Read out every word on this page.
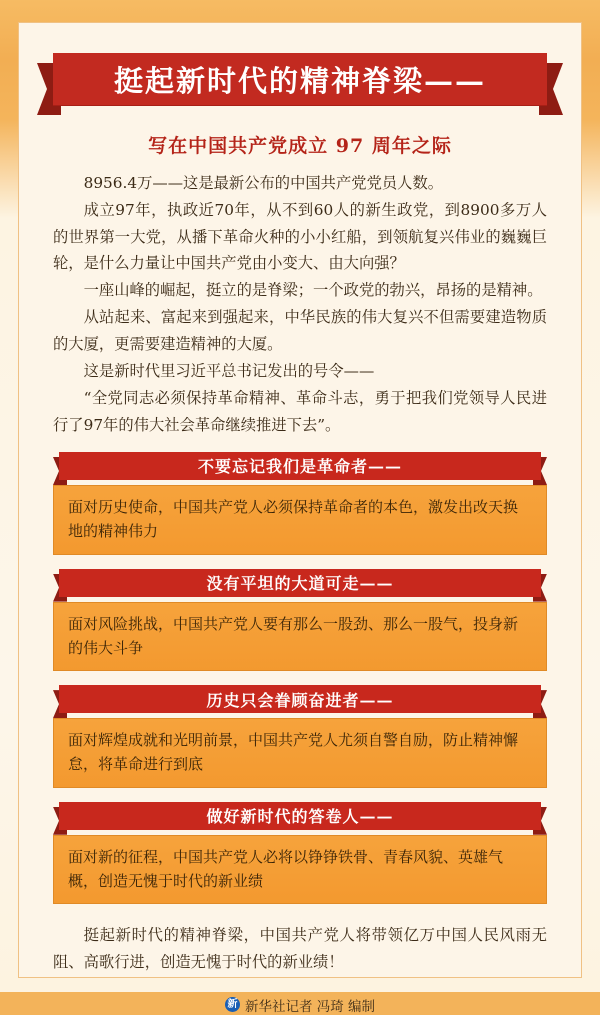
挺起新时代的精神脊梁——
写在中国共产党成立 97 周年之际

8956.4万——这是最新公布的中国共产党党员人数。

成立97年，执政近70年，从不到60人的新生政党，到8900多万人的世界第一大党，从播下革命火种的小小红船，到领航复兴伟业的巍巍巨轮，是什么力量让中国共产党由小变大、由大向强？

一座山峰的崛起，挺立的是脊梁；一个政党的勃兴，昂扬的是精神。

从站起来、富起来到强起来，中华民族的伟大复兴不但需要建造物质的大厦，更需要建造精神的大厦。

这是新时代里习近平总书记发出的号令——

“全党同志必须保持革命精神、革命斗志，勇于把我们党领导人民进行了97年的伟大社会革命继续推进下去”。

不要忘记我们是革命者——
面对历史使命，中国共产党人必须保持革命者的本色，激发出改天换地的精神伟力
没有平坦的大道可走——
面对风险挑战，中国共产党人要有那么一股劲、那么一股气，投身新的伟大斗争
历史只会眷顾奋进者——
面对辉煌成就和光明前景，中国共产党人尤须自警自励，防止精神懈怠，将革命进行到底
做好新时代的答卷人——
面对新的征程，中国共产党人必将以铮铮铁骨、青春风貌、英雄气概，创造无愧于时代的新业绩

挺起新时代的精神脊梁，中国共产党人将带领亿万中国人民风雨无阻、高歌行进，创造无愧于时代的新业绩！

新 新华社记者 冯琦 编制
